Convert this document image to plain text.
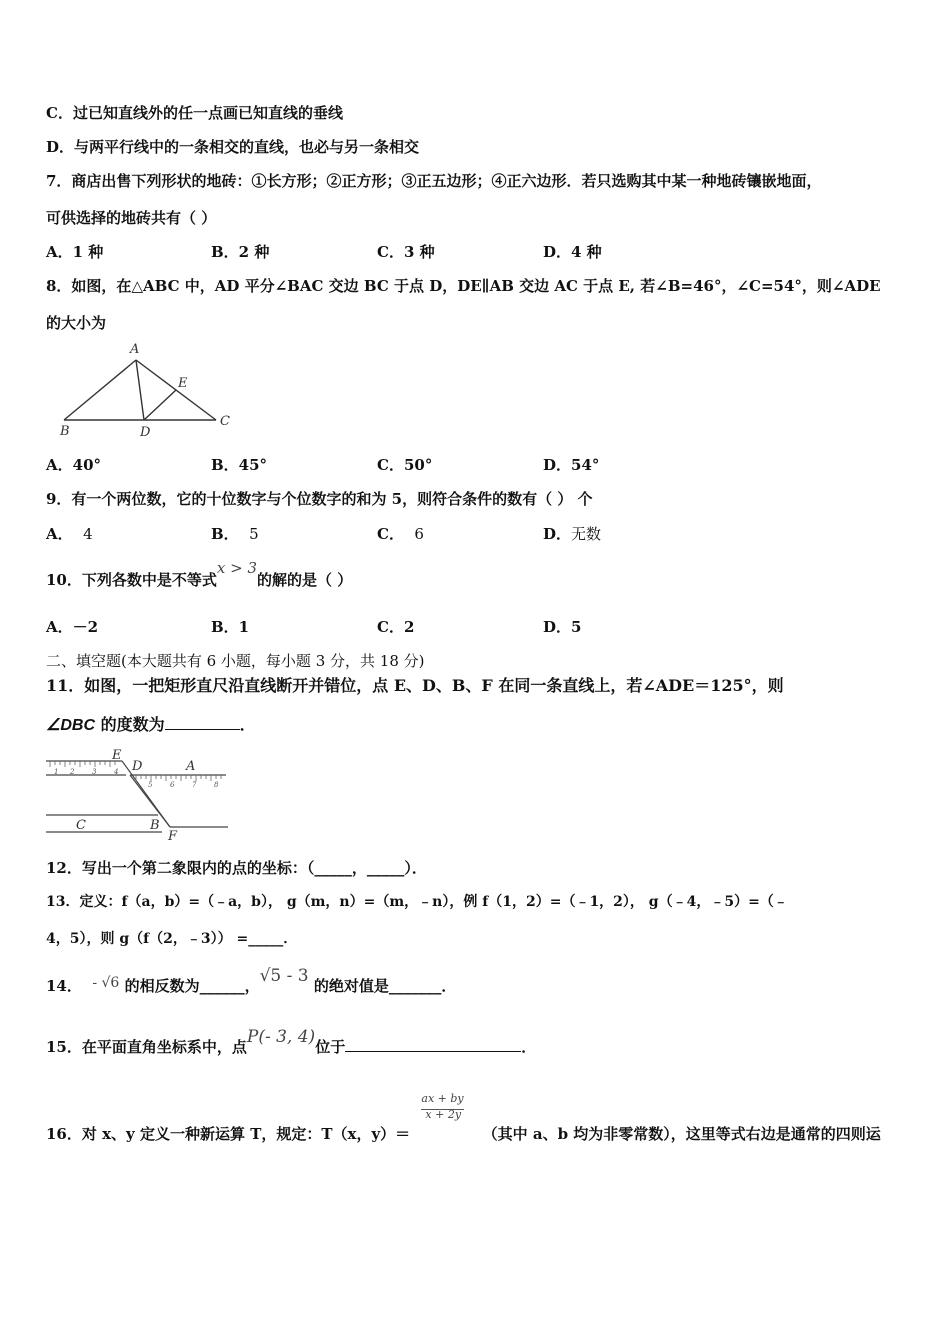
C．过已知直线外的任一点画已知直线的垂线
D．与两平行线中的一条相交的直线，也必与另一条相交
7．商店出售下列形状的地砖：①长方形；②正方形；③正五边形；④正六边形．若只选购其中某一种地砖镶嵌地面，
可供选择的地砖共有（ ）
A．1 种	B．2 种	C．3 种	D．4 种
8．如图，在△ABC 中，AD 平分∠BAC 交边 BC 于点 D，DE∥AB 交边 AC 于点 E, 若∠B=46°，∠C=54°，则∠ADE
的大小为
A
B
C
D
E
A．40°	B．45°	C．50°	D．54°
9．有一个两位数，它的十位数字与个位数字的和为 5，则符合条件的数有（ ） 个
A． 4	B． 5	C． 6	D．无数
10．下列各数中是不等式x > 3的解的是（ ）
A．－2	B．1	C．2	D．5
二、填空题(本大题共有 6 小题，每小题 3 分，共 18 分)
11．如图，一把矩形直尺沿直线断开并错位，点 E、D、B、F 在同一条直线上，若∠ADE＝125°，则
∠DBC 的度数为	．
1 2	3	4
5	6	7	8
E
D	A
C	B
F
12．写出一个第二象限内的点的坐标：（_____，_____）．
13．定义：f（a，b）=（﹣a，b）， g（m，n）=（m，﹣n），例 f（1，2）=（﹣1，2）， g（﹣4，﹣5）=（﹣
4，5），则 g（f（2，﹣3）） =_____．
14． - √6 的相反数为______，√5 - 3 的绝对值是_______．
15．在平面直角坐标系中，点P(- 3, 4)位于	．
16．对 x、y 定义一种新运算 T，规定：T（x，$y)= \frac{ax + by}{x + 2y}$ （其中 a、b 均为非零常数），这里等式右边是通常的四则运
